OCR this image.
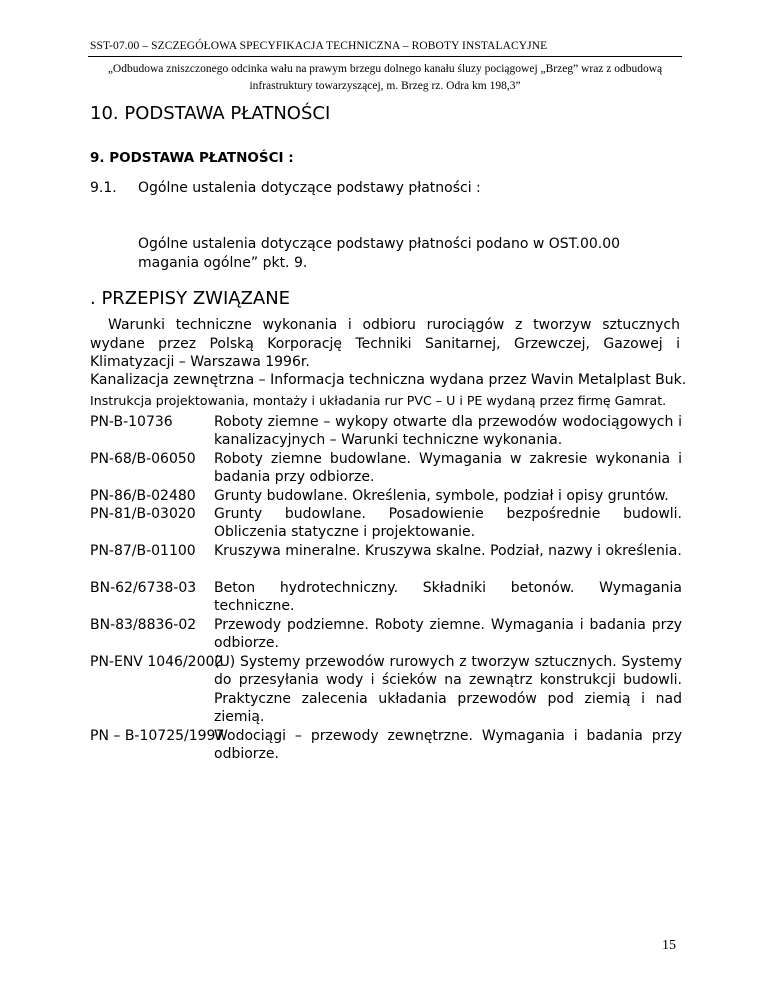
SST-07.00 – SZCZEGÓŁOWA SPECYFIKACJA TECHNICZNA – ROBOTY INSTALACYJNE
„Odbudowa zniszczonego odcinka wału na prawym brzegu dolnego kanału śluzy pociągowej „Brzeg” wraz z odbudową
infrastruktury towarzyszącej, m. Brzeg rz. Odra km 198,3”
10. PODSTAWA PŁATNOŚCI
9. PODSTAWA PŁATNOŚCI :
9.1. Ogólne ustalenia dotyczące podstawy płatności :
Ogólne ustalenia dotyczące podstawy płatności podano w OST.00.00 magania ogólne” pkt. 9.
. PRZEPISY ZWIĄZANE
Warunki techniczne wykonania i odbioru rurociągów z tworzyw sztucznych wydane przez Polską Korporację Techniki Sanitarnej, Grzewczej, Gazowej i Klimatyzacji – Warszawa 1996r.
Kanalizacja zewnętrzna – Informacja techniczna wydana przez Wavin Metalplast Buk.
Instrukcja projektowania, montaży i układania rur PVC – U i PE wydaną przez firmę Gamrat.
PN-B-10736	Roboty ziemne – wykopy otwarte dla przewodów wodociągowych i kanalizacyjnych – Warunki techniczne wykonania.
PN-68/B-06050 Roboty ziemne budowlane. Wymagania w zakresie wykonania i badania przy odbiorze.
PN-86/B-02480 Grunty budowlane. Określenia, symbole, podział i opisy gruntów.
PN-81/B-03020 Grunty budowlane. Posadowienie bezpośrednie budowli. Obliczenia statyczne i projektowanie.
PN-87/B-01100 Kruszywa mineralne. Kruszywa skalne. Podział, nazwy i określenia.
BN-62/6738-03 Beton hydrotechniczny. Składniki betonów. Wymagania techniczne.
BN-83/8836-02 Przewody podziemne. Roboty ziemne. Wymagania i badania przy odbiorze.
PN-ENV 1046/2002
(U) Systemy przewodów rurowych z tworzyw sztucznych. Systemy do przesyłania wody i ścieków na zewnątrz konstrukcji budowli. Praktyczne zalecenia układania przewodów pod ziemią i nad ziemią.
PN – B-10725/1997
Wodociągi – przewody zewnętrzne. Wymagania i badania przy odbiorze.
15
